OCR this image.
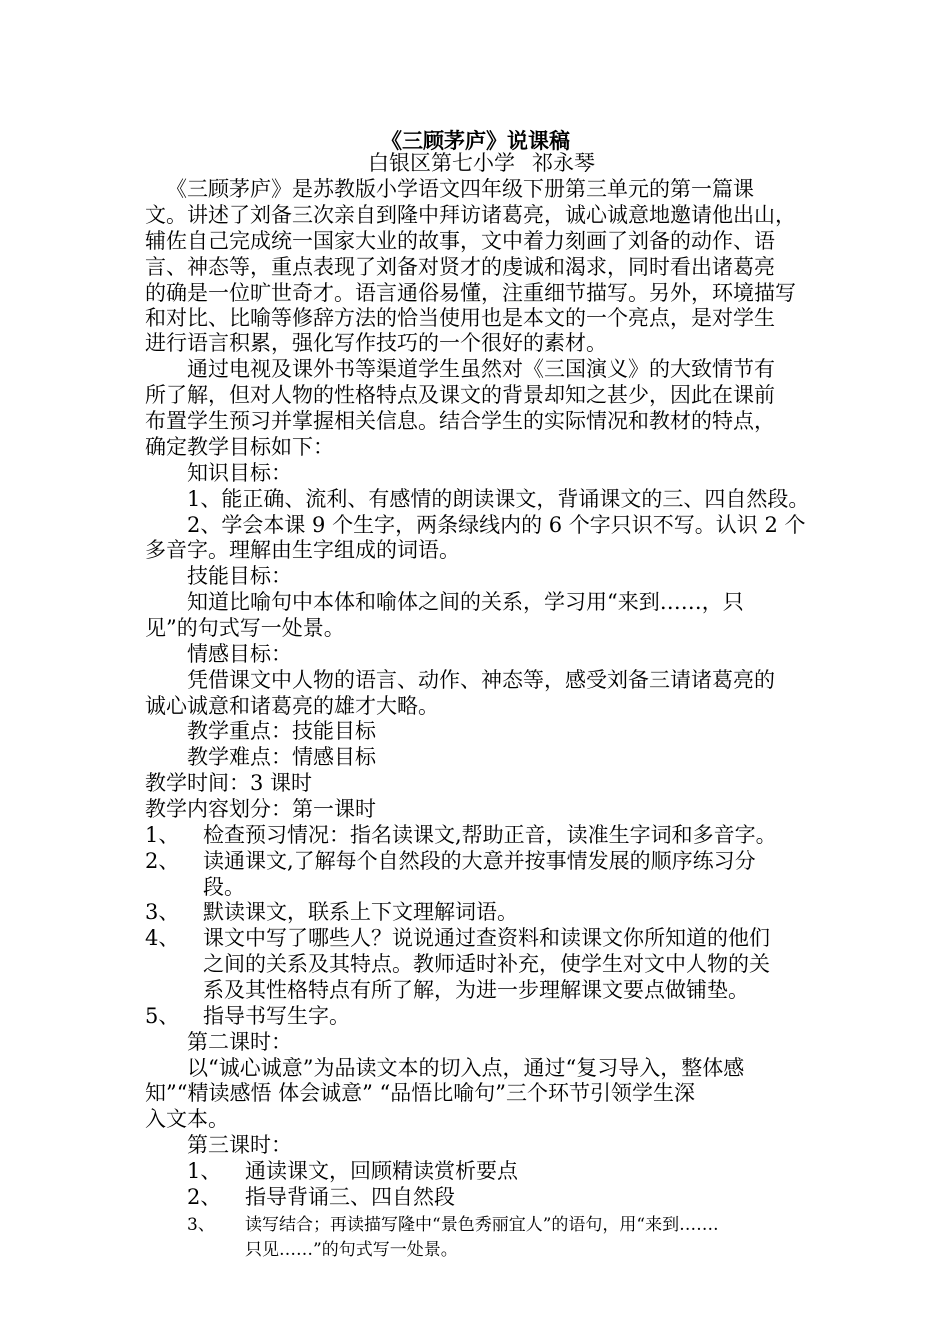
《三顾茅庐》说课稿
白银区第七小学 祁永琴
《三顾茅庐》是苏教版小学语文四年级下册第三单元的第一篇课
文。讲述了刘备三次亲自到隆中拜访诸葛亮，诚心诚意地邀请他出山，
辅佐自己完成统一国家大业的故事，文中着力刻画了刘备的动作、语
言、神态等，重点表现了刘备对贤才的虔诚和渴求，同时看出诸葛亮
的确是一位旷世奇才。语言通俗易懂，注重细节描写。另外，环境描写
和对比、比喻等修辞方法的恰当使用也是本文的一个亮点，是对学生
进行语言积累，强化写作技巧的一个很好的素材。
通过电视及课外书等渠道学生虽然对《三国演义》的大致情节有
所了解，但对人物的性格特点及课文的背景却知之甚少，因此在课前
布置学生预习并掌握相关信息。结合学生的实际情况和教材的特点，
确定教学目标如下：
知识目标：
1、能正确、流利、有感情的朗读课文，背诵课文的三、四自然段。
2、学会本课 9 个生字，两条绿线内的 6 个字只识不写。认识 2 个
多音字。理解由生字组成的词语。
技能目标：
知道比喻句中本体和喻体之间的关系，学习用“来到……，只
见”的句式写一处景。
情感目标：
凭借课文中人物的语言、动作、神态等，感受刘备三请诸葛亮的
诚心诚意和诸葛亮的雄才大略。
教学重点：技能目标
教学难点：情感目标
教学时间：3 课时
教学内容划分：第一课时
1、 检查预习情况：指名读课文,帮助正音，读准生字词和多音字。
2、 读通课文,了解每个自然段的大意并按事情发展的顺序练习分
段。
3、 默读课文，联系上下文理解词语。
4、 课文中写了哪些人？说说通过查资料和读课文你所知道的他们
之间的关系及其特点。教师适时补充，使学生对文中人物的关
系及其性格特点有所了解，为进一步理解课文要点做铺垫。
5、 指导书写生字。
第二课时：
以“诚心诚意”为品读文本的切入点，通过“复习导入，整体感
知”“精读感悟 体会诚意” “品悟比喻句”三个环节引领学生深
入文本。
第三课时：
1、 通读课文，回顾精读赏析要点
2、 指导背诵三、四自然段
3、 读写结合；再读描写隆中“景色秀丽宜人”的语句，用“来到…….
只见……”的句式写一处景。
